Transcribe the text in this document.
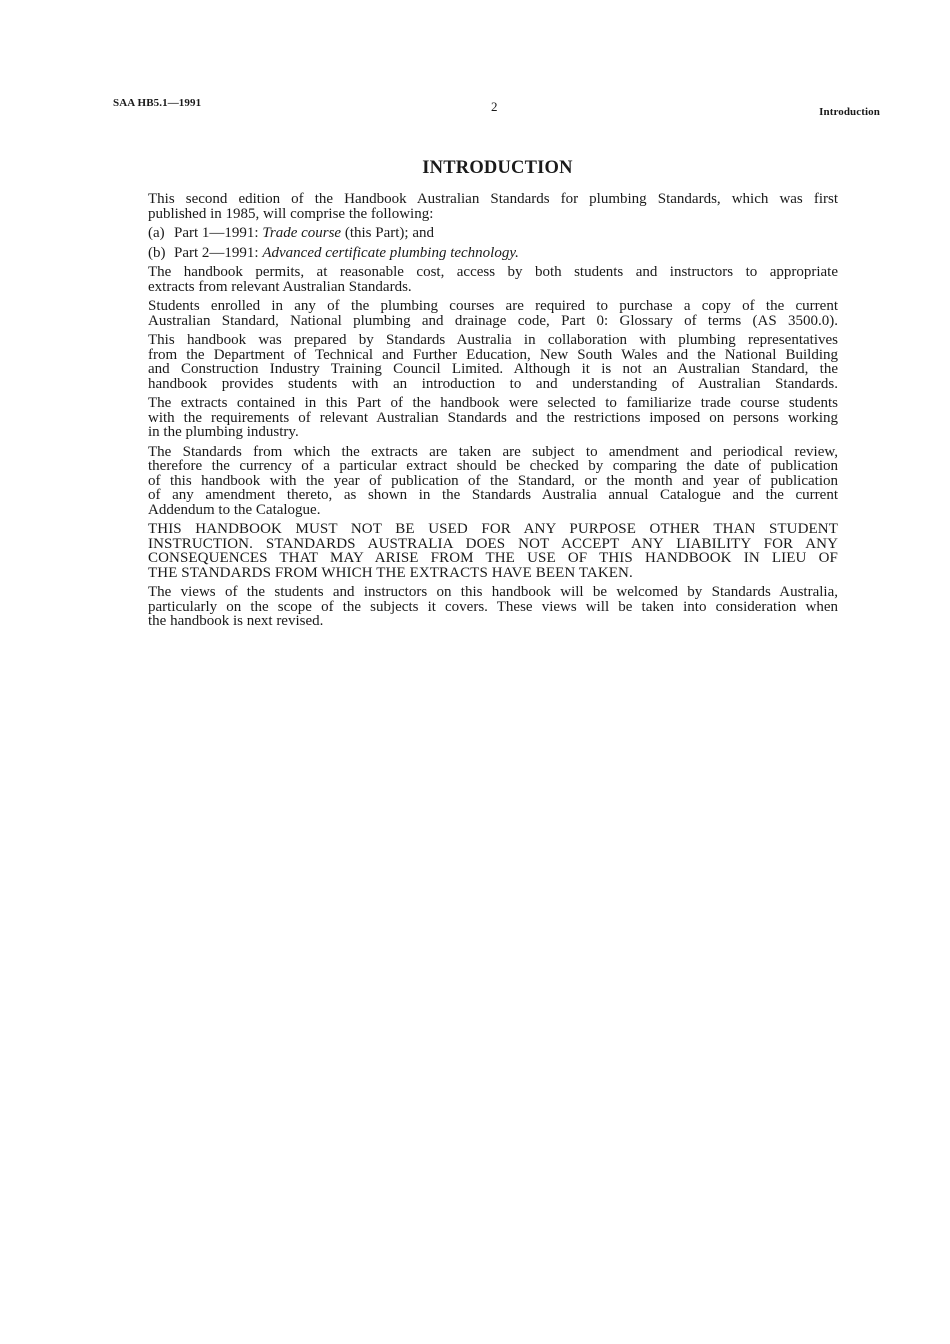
SAA HB5.1—1991	2	Introduction
INTRODUCTION
This second edition of the Handbook Australian Standards for plumbing Standards, which was first
published in 1985, will comprise the following:
(a) Part 1—1991: Trade course (this Part); and
(b) Part 2—1991: Advanced certificate plumbing technology.
The handbook permits, at reasonable cost, access by both students and instructors to appropriate
extracts from relevant Australian Standards.
Students enrolled in any of the plumbing courses are required to purchase a copy of the current
Australian Standard, National plumbing and drainage code, Part 0: Glossary of terms (AS 3500.0).
This handbook was prepared by Standards Australia in collaboration with plumbing representatives
from the Department of Technical and Further Education, New South Wales and the National Building
and Construction Industry Training Council Limited. Although it is not an Australian Standard, the
handbook provides students with an introduction to and understanding of Australian Standards.
The extracts contained in this Part of the handbook were selected to familiarize trade course students
with the requirements of relevant Australian Standards and the restrictions imposed on persons working
in the plumbing industry.
The Standards from which the extracts are taken are subject to amendment and periodical review,
therefore the currency of a particular extract should be checked by comparing the date of publication
of this handbook with the year of publication of the Standard, or the month and year of publication
of any amendment thereto, as shown in the Standards Australia annual Catalogue and the current
Addendum to the Catalogue.
THIS HANDBOOK MUST NOT BE USED FOR ANY PURPOSE OTHER THAN STUDENT
INSTRUCTION. STANDARDS AUSTRALIA DOES NOT ACCEPT ANY LIABILITY FOR ANY
CONSEQUENCES THAT MAY ARISE FROM THE USE OF THIS HANDBOOK IN LIEU OF
THE STANDARDS FROM WHICH THE EXTRACTS HAVE BEEN TAKEN.
The views of the students and instructors on this handbook will be welcomed by Standards Australia,
particularly on the scope of the subjects it covers. These views will be taken into consideration when
the handbook is next revised.
